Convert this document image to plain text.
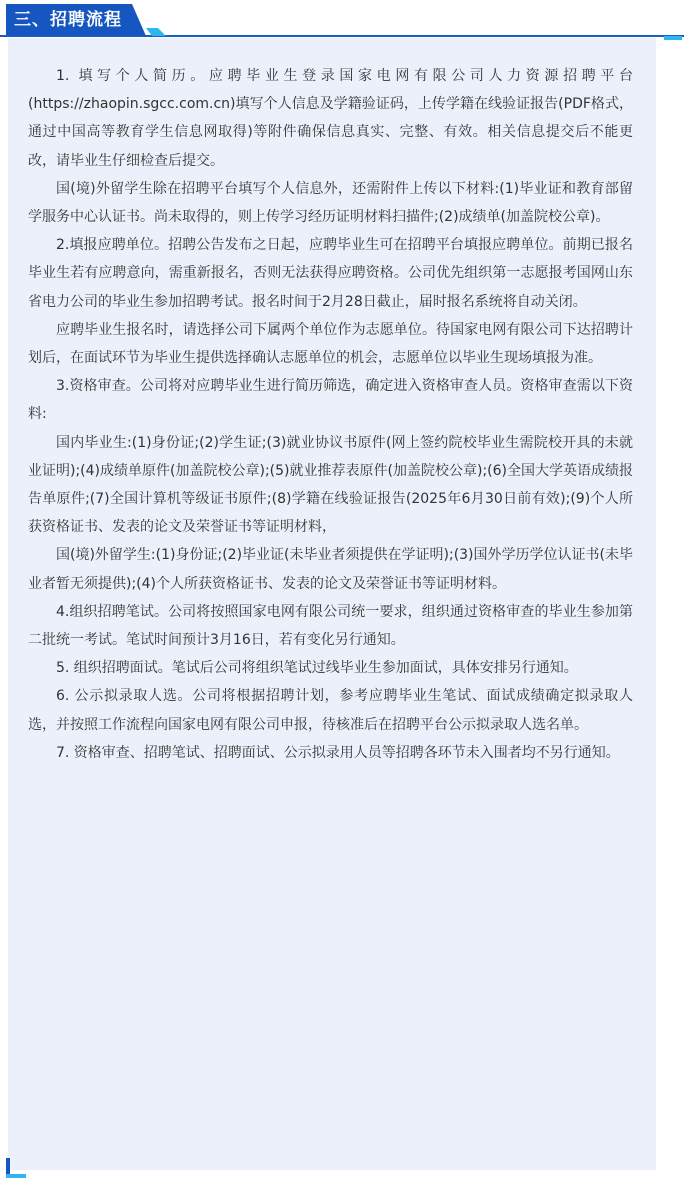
三、招聘流程

1. 填写个人简历。应聘毕业生登录国家电网有限公司人力资源招聘平台(https://zhaopin.sgcc.com.cn)填写个人信息及学籍验证码，上传学籍在线验证报告(PDF格式，通过中国高等教育学生信息网取得)等附件确保信息真实、完整、有效。相关信息提交后不能更改，请毕业生仔细检查后提交。

国(境)外留学生除在招聘平台填写个人信息外，还需附件上传以下材料:(1)毕业证和教育部留学服务中心认证书。尚未取得的，则上传学习经历证明材料扫描件;(2)成绩单(加盖院校公章)。

2.填报应聘单位。招聘公告发布之日起，应聘毕业生可在招聘平台填报应聘单位。前期已报名毕业生若有应聘意向，需重新报名，否则无法获得应聘资格。公司优先组织第一志愿报考国网山东省电力公司的毕业生参加招聘考试。报名时间于2月28日截止，届时报名系统将自动关闭。

应聘毕业生报名时，请选择公司下属两个单位作为志愿单位。待国家电网有限公司下达招聘计划后，在面试环节为毕业生提供选择确认志愿单位的机会，志愿单位以毕业生现场填报为准。

3.资格审查。公司将对应聘毕业生进行简历筛选，确定进入资格审查人员。资格审查需以下资料:

国内毕业生:(1)身份证;(2)学生证;(3)就业协议书原件(网上签约院校毕业生需院校开具的未就业证明);(4)成绩单原件(加盖院校公章);(5)就业推荐表原件(加盖院校公章);(6)全国大学英语成绩报告单原件;(7)全国计算机等级证书原件;(8)学籍在线验证报告(2025年6月30日前有效);(9)个人所获资格证书、发表的论文及荣誉证书等证明材料，

国(境)外留学生:(1)身份证;(2)毕业证(未毕业者须提供在学证明);(3)国外学历学位认证书(未毕业者暂无须提供);(4)个人所获资格证书、发表的论文及荣誉证书等证明材料。

4.组织招聘笔试。公司将按照国家电网有限公司统一要求，组织通过资格审查的毕业生参加第二批统一考试。笔试时间预计3月16日，若有变化另行通知。

5. 组织招聘面试。笔试后公司将组织笔试过线毕业生参加面试，具体安排另行通知。

6. 公示拟录取人选。公司将根据招聘计划，参考应聘毕业生笔试、面试成绩确定拟录取人选，并按照工作流程向国家电网有限公司申报，待核准后在招聘平台公示拟录取人选名单。

7. 资格审查、招聘笔试、招聘面试、公示拟录用人员等招聘各环节未入围者均不另行通知。
